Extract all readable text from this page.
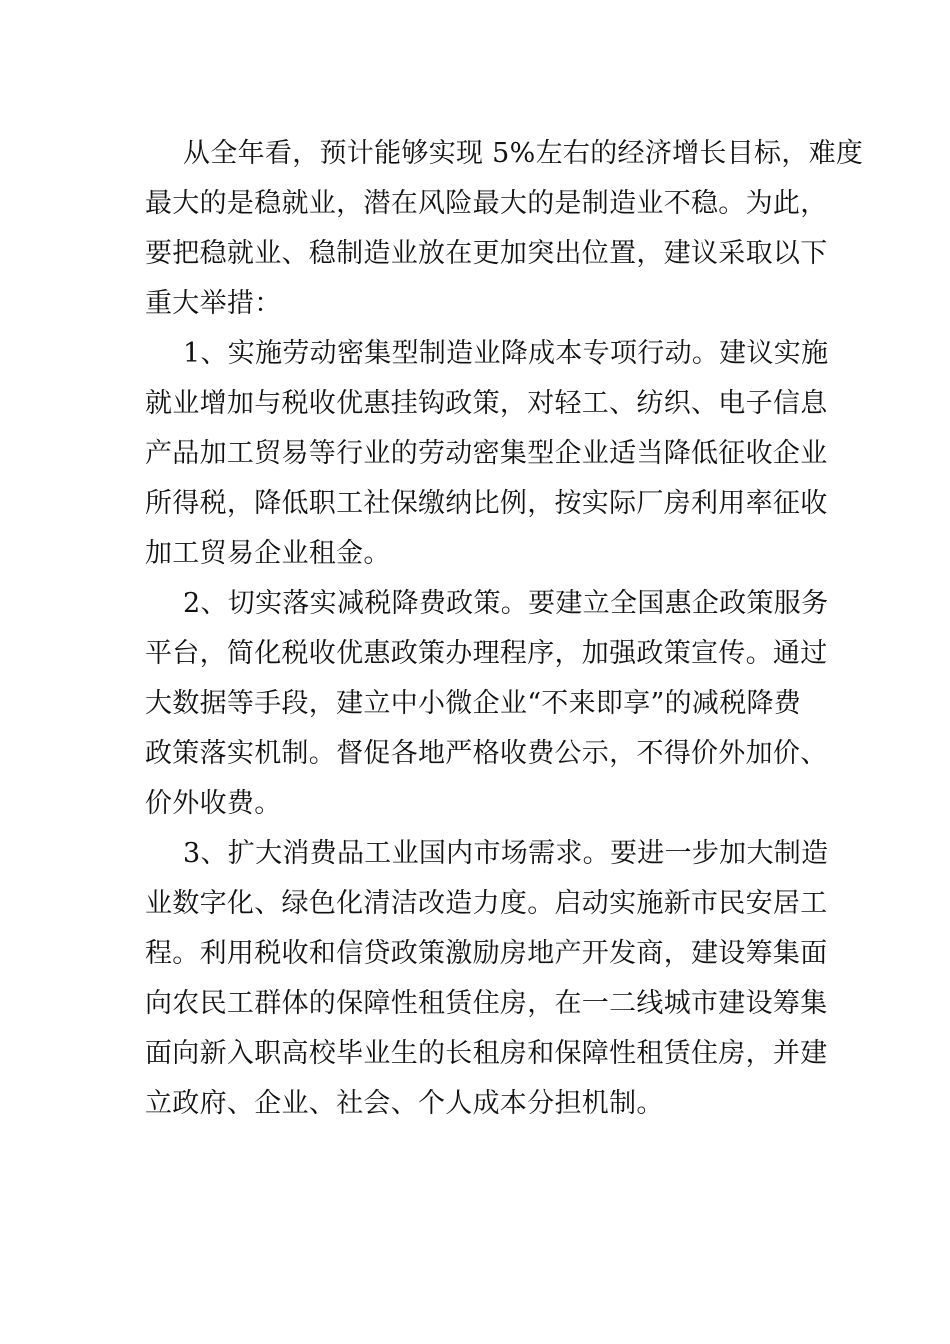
从全年看，预计能够实现 5%左右的经济增长目标，难度
最大的是稳就业，潜在风险最大的是制造业不稳。为此，
要把稳就业、稳制造业放在更加突出位置，建议采取以下
重大举措：
1、实施劳动密集型制造业降成本专项行动。建议实施
就业增加与税收优惠挂钩政策，对轻工、纺织、电子信息
产品加工贸易等行业的劳动密集型企业适当降低征收企业
所得税，降低职工社保缴纳比例，按实际厂房利用率征收
加工贸易企业租金。
2、切实落实减税降费政策。要建立全国惠企政策服务
平台，简化税收优惠政策办理程序，加强政策宣传。通过
大数据等手段，建立中小微企业“不来即享”的减税降费
政策落实机制。督促各地严格收费公示，不得价外加价、
价外收费。
3、扩大消费品工业国内市场需求。要进一步加大制造
业数字化、绿色化清洁改造力度。启动实施新市民安居工
程。利用税收和信贷政策激励房地产开发商，建设筹集面
向农民工群体的保障性租赁住房，在一二线城市建设筹集
面向新入职高校毕业生的长租房和保障性租赁住房，并建
立政府、企业、社会、个人成本分担机制。
